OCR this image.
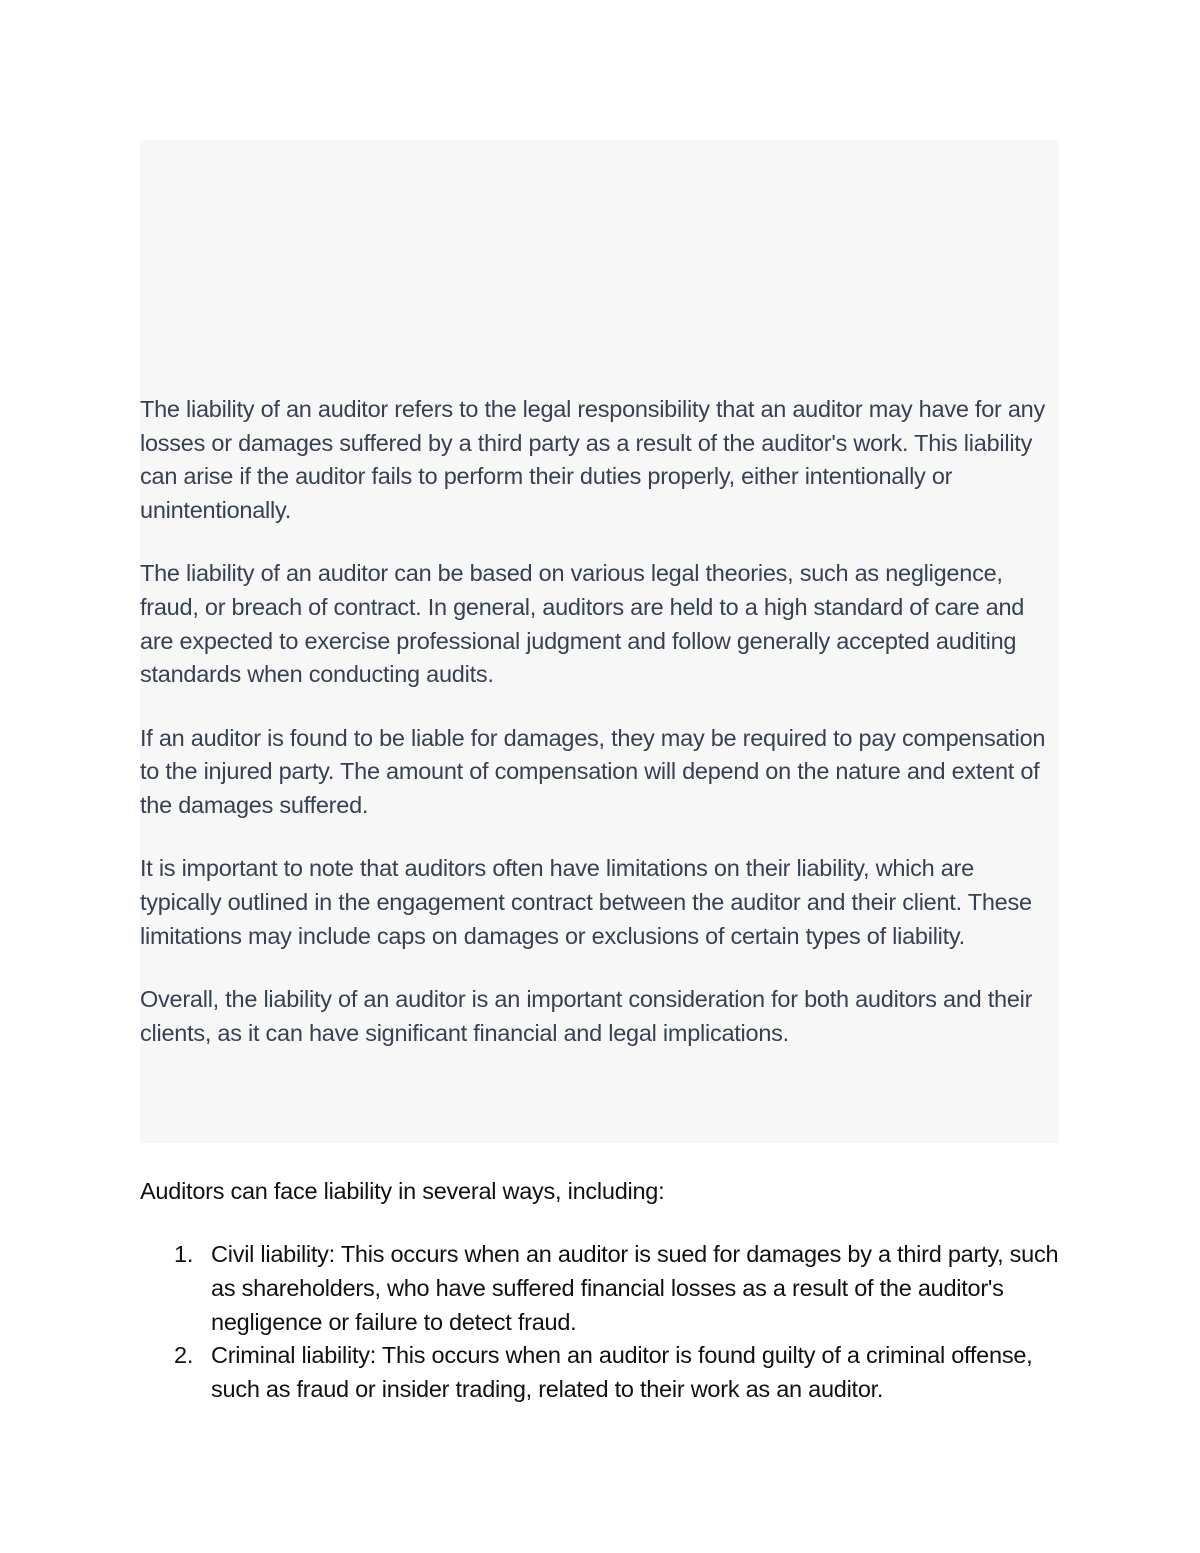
The liability of an auditor refers to the legal responsibility that an auditor may have for any losses or damages suffered by a third party as a result of the auditor's work. This liability can arise if the auditor fails to perform their duties properly, either intentionally or unintentionally.

The liability of an auditor can be based on various legal theories, such as negligence, fraud, or breach of contract. In general, auditors are held to a high standard of care and are expected to exercise professional judgment and follow generally accepted auditing standards when conducting audits.

If an auditor is found to be liable for damages, they may be required to pay compensation to the injured party. The amount of compensation will depend on the nature and extent of the damages suffered.

It is important to note that auditors often have limitations on their liability, which are typically outlined in the engagement contract between the auditor and their client. These limitations may include caps on damages or exclusions of certain types of liability.

Overall, the liability of an auditor is an important consideration for both auditors and their clients, as it can have significant financial and legal implications.

Auditors can face liability in several ways, including:

1. Civil liability: This occurs when an auditor is sued for damages by a third party, such as shareholders, who have suffered financial losses as a result of the auditor's negligence or failure to detect fraud.
2. Criminal liability: This occurs when an auditor is found guilty of a criminal offense, such as fraud or insider trading, related to their work as an auditor.
